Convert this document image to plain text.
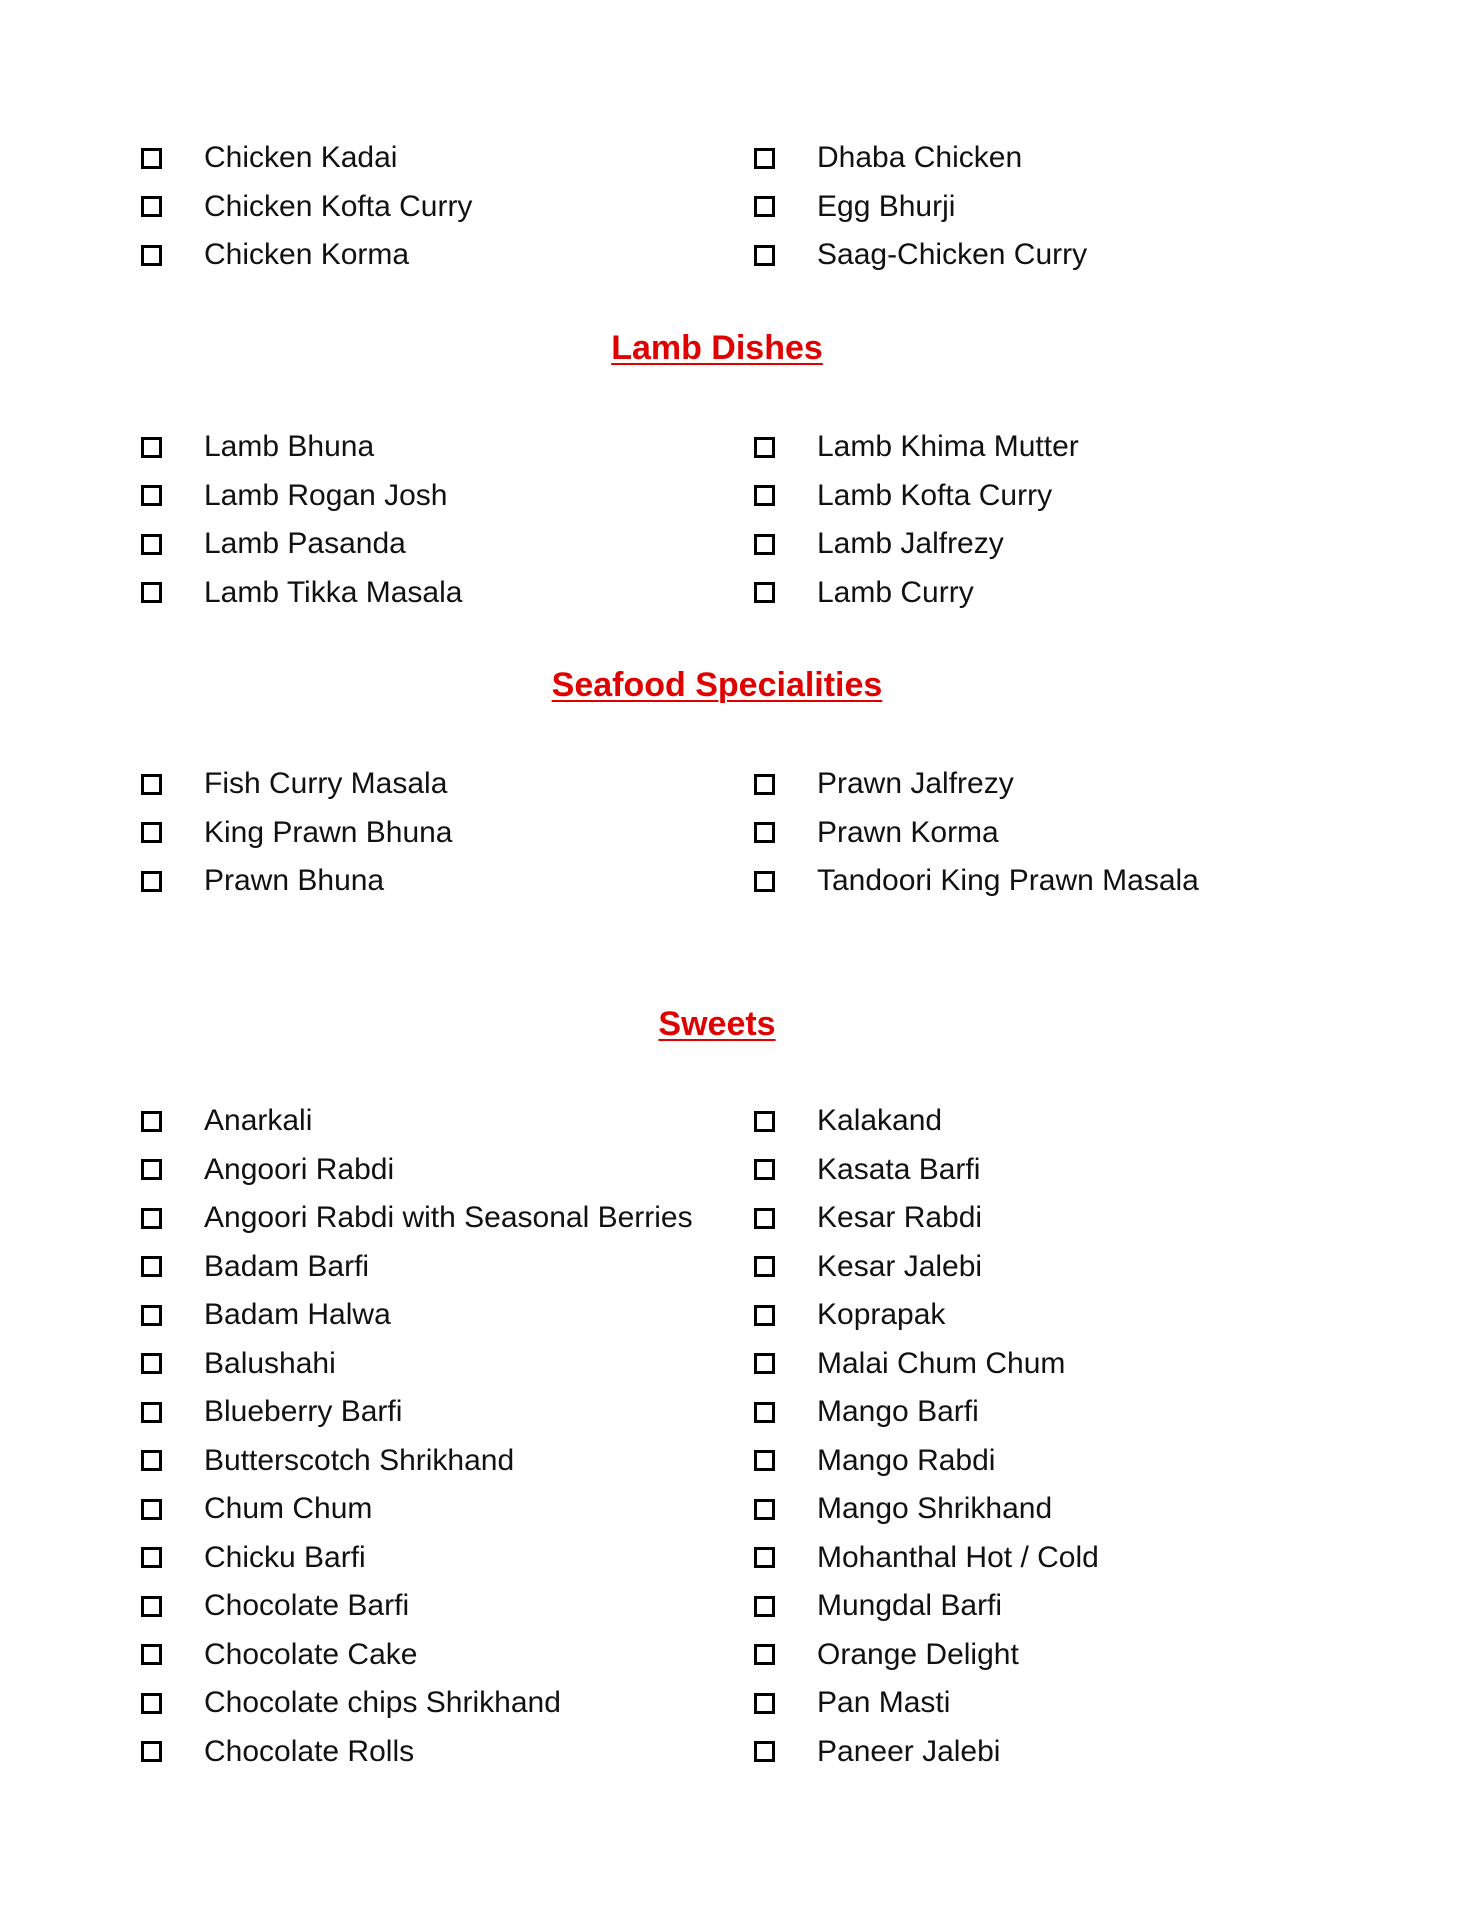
Chicken Kadai
Chicken Kofta Curry
Chicken Korma
Dhaba Chicken
Egg Bhurji
Saag-Chicken Curry
Lamb Dishes
Lamb Bhuna
Lamb Rogan Josh
Lamb Pasanda
Lamb Tikka Masala
Lamb Khima Mutter
Lamb Kofta Curry
Lamb Jalfrezy
Lamb Curry
Seafood Specialities
Fish Curry Masala
King Prawn Bhuna
Prawn Bhuna
Prawn Jalfrezy
Prawn Korma
Tandoori King Prawn Masala
Sweets
Anarkali
Angoori Rabdi
Angoori Rabdi with Seasonal Berries
Badam Barfi
Badam Halwa
Balushahi
Blueberry Barfi
Butterscotch Shrikhand
Chum Chum
Chicku Barfi
Chocolate Barfi
Chocolate Cake
Chocolate chips Shrikhand
Chocolate Rolls
Kalakand
Kasata Barfi
Kesar Rabdi
Kesar Jalebi
Koprapak
Malai Chum Chum
Mango Barfi
Mango Rabdi
Mango Shrikhand
Mohanthal Hot / Cold
Mungdal Barfi
Orange Delight
Pan Masti
Paneer Jalebi
